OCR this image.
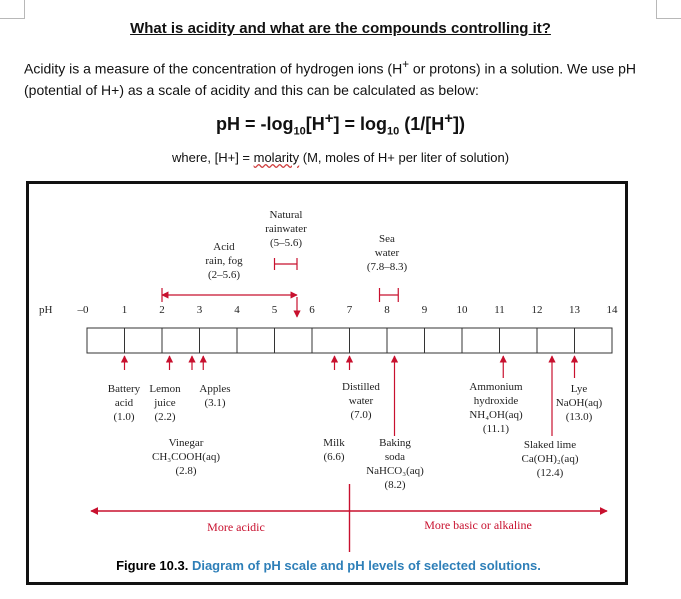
What is acidity and what are the compounds controlling it?
Acidity is a measure of the concentration of hydrogen ions (H+ or protons) in a solution. We use pH (potential of H+) as a scale of acidity and this can be calculated as below:
pH = $-\log_{10}[H^+] = \log_{10} (1/[H^+])$
where, [H+] = molarity (M, moles of H+ per liter of solution)
pH –0	1	2	3	4	5	6	7	8	9	10 11 12 13 14
Natural
rainwater
(5–5.6)
Acid
rain, fog
(2–5.6)
Sea
water
(7.8–8.3)
Battery
acid
(1.0)
Lemon
juice
(2.2)
Apples
(3.1)
Vinegar
CH₃COOH(aq)
(2.8)
Milk
(6.6)
Distilled
water
(7.0)
Baking
soda
NaHCO₃(aq)
(8.2)
Ammonium
hydroxide
NH₄OH(aq)
(11.1)
Lye
NaOH(aq)
(13.0)
Slaked lime
Ca(OH)₂(aq)
(12.4)
More acidic	More basic or alkaline
Figure 10.3. Diagram of pH scale and pH levels of selected solutions.
